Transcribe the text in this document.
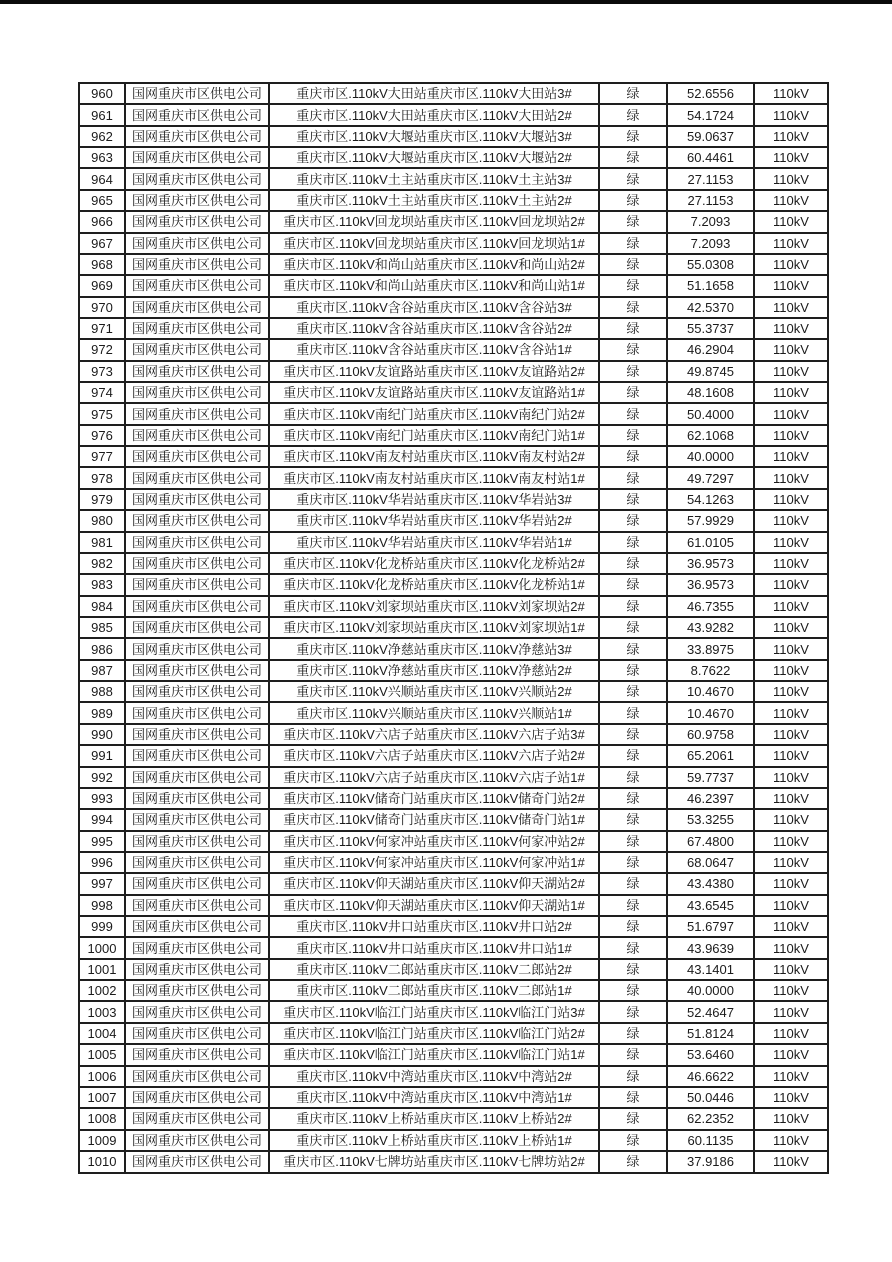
960	国网重庆市区供电公司	重庆市区.110kV大田站重庆市区.110kV大田站3#	绿	52.6556	110kV
961	国网重庆市区供电公司	重庆市区.110kV大田站重庆市区.110kV大田站2#	绿	54.1724	110kV
962	国网重庆市区供电公司	重庆市区.110kV大堰站重庆市区.110kV大堰站3#	绿	59.0637	110kV
963	国网重庆市区供电公司	重庆市区.110kV大堰站重庆市区.110kV大堰站2#	绿	60.4461	110kV
964	国网重庆市区供电公司	重庆市区.110kV土主站重庆市区.110kV土主站3#	绿	27.1153	110kV
965	国网重庆市区供电公司	重庆市区.110kV土主站重庆市区.110kV土主站2#	绿	27.1153	110kV
966	国网重庆市区供电公司	重庆市区.110kV回龙坝站重庆市区.110kV回龙坝站2#	绿	7.2093	110kV
967	国网重庆市区供电公司	重庆市区.110kV回龙坝站重庆市区.110kV回龙坝站1#	绿	7.2093	110kV
968	国网重庆市区供电公司	重庆市区.110kV和尚山站重庆市区.110kV和尚山站2#	绿	55.0308	110kV
969	国网重庆市区供电公司	重庆市区.110kV和尚山站重庆市区.110kV和尚山站1#	绿	51.1658	110kV
970	国网重庆市区供电公司	重庆市区.110kV含谷站重庆市区.110kV含谷站3#	绿	42.5370	110kV
971	国网重庆市区供电公司	重庆市区.110kV含谷站重庆市区.110kV含谷站2#	绿	55.3737	110kV
972	国网重庆市区供电公司	重庆市区.110kV含谷站重庆市区.110kV含谷站1#	绿	46.2904	110kV
973	国网重庆市区供电公司	重庆市区.110kV友谊路站重庆市区.110kV友谊路站2#	绿	49.8745	110kV
974	国网重庆市区供电公司	重庆市区.110kV友谊路站重庆市区.110kV友谊路站1#	绿	48.1608	110kV
975	国网重庆市区供电公司	重庆市区.110kV南纪门站重庆市区.110kV南纪门站2#	绿	50.4000	110kV
976	国网重庆市区供电公司	重庆市区.110kV南纪门站重庆市区.110kV南纪门站1#	绿	62.1068	110kV
977	国网重庆市区供电公司	重庆市区.110kV南友村站重庆市区.110kV南友村站2#	绿	40.0000	110kV
978	国网重庆市区供电公司	重庆市区.110kV南友村站重庆市区.110kV南友村站1#	绿	49.7297	110kV
979	国网重庆市区供电公司	重庆市区.110kV华岩站重庆市区.110kV华岩站3#	绿	54.1263	110kV
980	国网重庆市区供电公司	重庆市区.110kV华岩站重庆市区.110kV华岩站2#	绿	57.9929	110kV
981	国网重庆市区供电公司	重庆市区.110kV华岩站重庆市区.110kV华岩站1#	绿	61.0105	110kV
982	国网重庆市区供电公司	重庆市区.110kV化龙桥站重庆市区.110kV化龙桥站2#	绿	36.9573	110kV
983	国网重庆市区供电公司	重庆市区.110kV化龙桥站重庆市区.110kV化龙桥站1#	绿	36.9573	110kV
984	国网重庆市区供电公司	重庆市区.110kV刘家坝站重庆市区.110kV刘家坝站2#	绿	46.7355	110kV
985	国网重庆市区供电公司	重庆市区.110kV刘家坝站重庆市区.110kV刘家坝站1#	绿	43.9282	110kV
986	国网重庆市区供电公司	重庆市区.110kV净慈站重庆市区.110kV净慈站3#	绿	33.8975	110kV
987	国网重庆市区供电公司	重庆市区.110kV净慈站重庆市区.110kV净慈站2#	绿	8.7622	110kV
988	国网重庆市区供电公司	重庆市区.110kV兴顺站重庆市区.110kV兴顺站2#	绿	10.4670	110kV
989	国网重庆市区供电公司	重庆市区.110kV兴顺站重庆市区.110kV兴顺站1#	绿	10.4670	110kV
990	国网重庆市区供电公司	重庆市区.110kV六店子站重庆市区.110kV六店子站3#	绿	60.9758	110kV
991	国网重庆市区供电公司	重庆市区.110kV六店子站重庆市区.110kV六店子站2#	绿	65.2061	110kV
992	国网重庆市区供电公司	重庆市区.110kV六店子站重庆市区.110kV六店子站1#	绿	59.7737	110kV
993	国网重庆市区供电公司	重庆市区.110kV储奇门站重庆市区.110kV储奇门站2#	绿	46.2397	110kV
994	国网重庆市区供电公司	重庆市区.110kV储奇门站重庆市区.110kV储奇门站1#	绿	53.3255	110kV
995	国网重庆市区供电公司	重庆市区.110kV何家冲站重庆市区.110kV何家冲站2#	绿	67.4800	110kV
996	国网重庆市区供电公司	重庆市区.110kV何家冲站重庆市区.110kV何家冲站1#	绿	68.0647	110kV
997	国网重庆市区供电公司	重庆市区.110kV仰天湖站重庆市区.110kV仰天湖站2#	绿	43.4380	110kV
998	国网重庆市区供电公司	重庆市区.110kV仰天湖站重庆市区.110kV仰天湖站1#	绿	43.6545	110kV
999	国网重庆市区供电公司	重庆市区.110kV井口站重庆市区.110kV井口站2#	绿	51.6797	110kV
1000	国网重庆市区供电公司	重庆市区.110kV井口站重庆市区.110kV井口站1#	绿	43.9639	110kV
1001	国网重庆市区供电公司	重庆市区.110kV二郎站重庆市区.110kV二郎站2#	绿	43.1401	110kV
1002	国网重庆市区供电公司	重庆市区.110kV二郎站重庆市区.110kV二郎站1#	绿	40.0000	110kV
1003	国网重庆市区供电公司	重庆市区.110kV临江门站重庆市区.110kV临江门站3#	绿	52.4647	110kV
1004	国网重庆市区供电公司	重庆市区.110kV临江门站重庆市区.110kV临江门站2#	绿	51.8124	110kV
1005	国网重庆市区供电公司	重庆市区.110kV临江门站重庆市区.110kV临江门站1#	绿	53.6460	110kV
1006	国网重庆市区供电公司	重庆市区.110kV中湾站重庆市区.110kV中湾站2#	绿	46.6622	110kV
1007	国网重庆市区供电公司	重庆市区.110kV中湾站重庆市区.110kV中湾站1#	绿	50.0446	110kV
1008	国网重庆市区供电公司	重庆市区.110kV上桥站重庆市区.110kV上桥站2#	绿	62.2352	110kV
1009	国网重庆市区供电公司	重庆市区.110kV上桥站重庆市区.110kV上桥站1#	绿	60.1135	110kV
1010	国网重庆市区供电公司	重庆市区.110kV七牌坊站重庆市区.110kV七牌坊站2#	绿	37.9186	110kV
